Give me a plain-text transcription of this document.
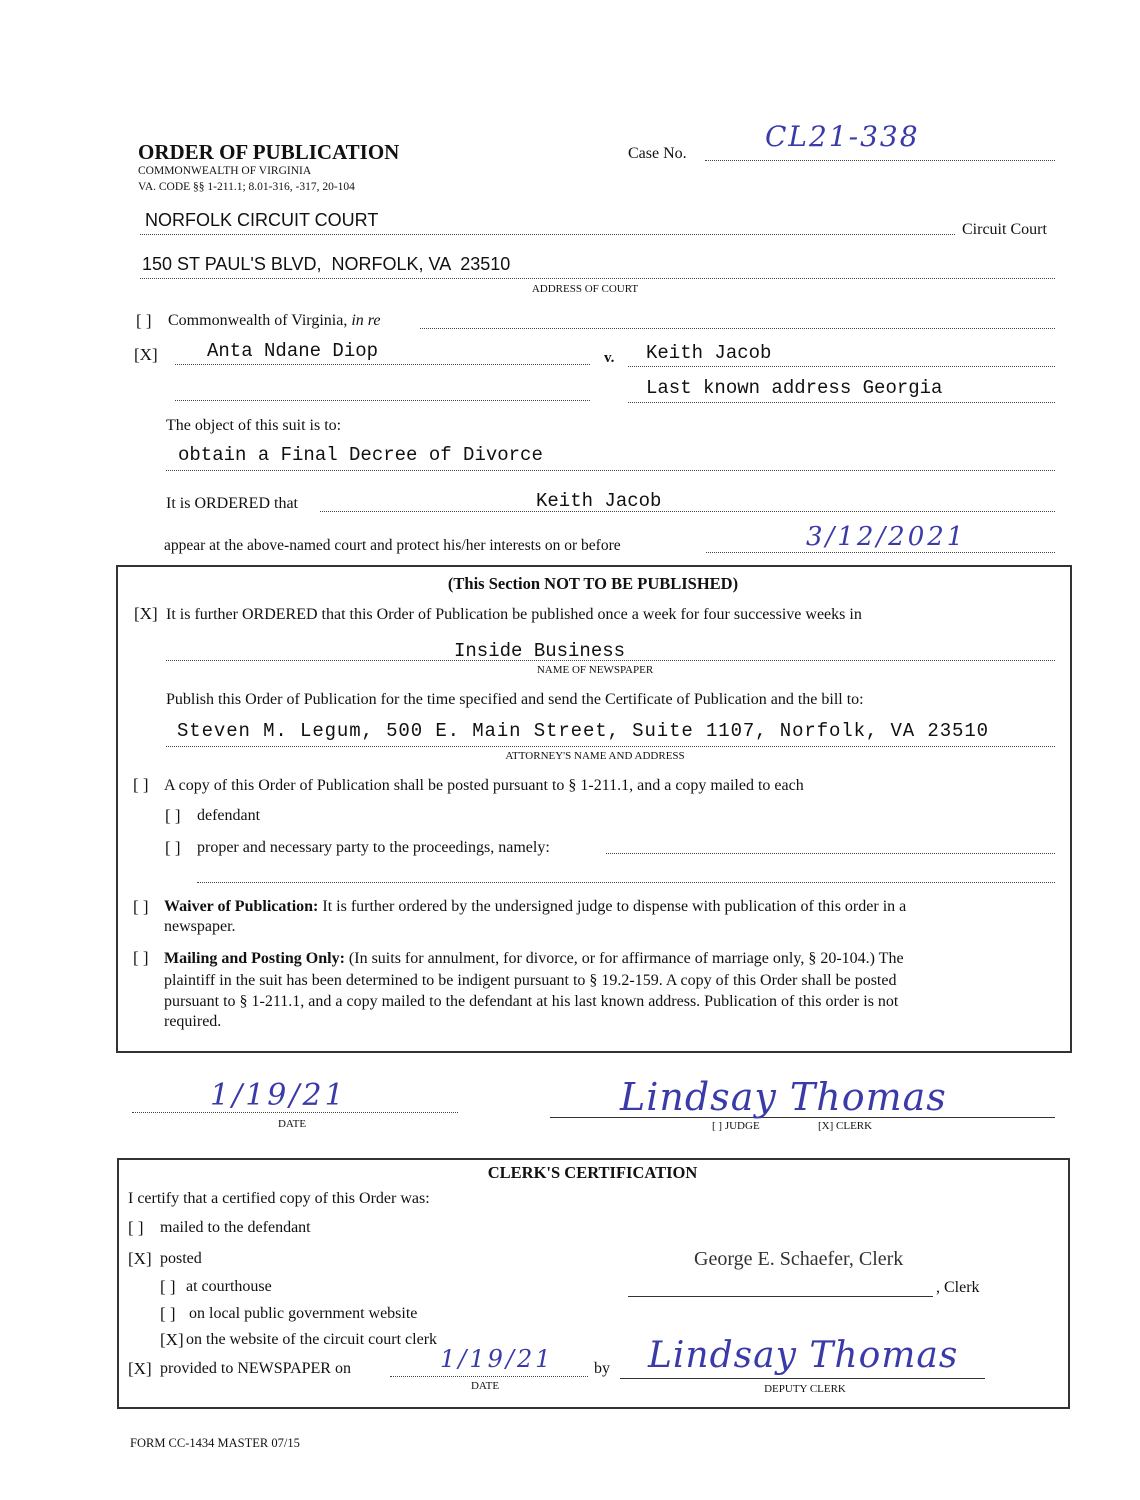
ORDER OF PUBLICATION
COMMONWEALTH OF VIRGINIA
VA. CODE §§ 1-211.1; 8.01-316, -317, 20-104
Case No.
CL21-338
NORFOLK CIRCUIT COURT	Circuit Court
150 ST PAUL'S BLVD,  NORFOLK, VA  23510
ADDRESS OF COURT
[ ] Commonwealth of Virginia, in re
[X]	Anta Ndane Diop	v. Keith Jacob
Last known address Georgia
The object of this suit is to:
obtain a Final Decree of Divorce
It is ORDERED that	Keith Jacob
appear at the above-named court and protect his/her interests on or before	3/12/2021
(This Section NOT TO BE PUBLISHED)
[X] It is further ORDERED that this Order of Publication be published once a week for four successive weeks in
Inside Business
NAME OF NEWSPAPER
Publish this Order of Publication for the time specified and send the Certificate of Publication and the bill to:
Steven M. Legum, 500 E. Main Street, Suite 1107, Norfolk, VA 23510
ATTORNEY'S NAME AND ADDRESS
[ ] A copy of this Order of Publication shall be posted pursuant to § 1-211.1, and a copy mailed to each
[ ] defendant
[ ] proper and necessary party to the proceedings, namely:
[ ] Waiver of Publication: It is further ordered by the undersigned judge to dispense with publication of this order in a
newspaper.
[ ] Mailing and Posting Only: (In suits for annulment, for divorce, or for affirmance of marriage only, § 20-104.) The
plaintiff in the suit has been determined to be indigent pursuant to § 19.2-159. A copy of this Order shall be posted
pursuant to § 1-211.1, and a copy mailed to the defendant at his last known address. Publication of this order is not
required.
1/19/21
DATE
Lindsay Thomas
[ ] JUDGE	[X] CLERK
CLERK'S CERTIFICATION
I certify that a certified copy of this Order was:
[ ] mailed to the defendant
[X] posted
[ ] at courthouse
[ ] on local public government website
[X] on the website of the circuit court clerk
[X] provided to NEWSPAPER on	1/19/21
DATE
by
George E. Schaefer, Clerk
, Clerk
Lindsay Thomas
DEPUTY CLERK
FORM CC-1434 MASTER 07/15
